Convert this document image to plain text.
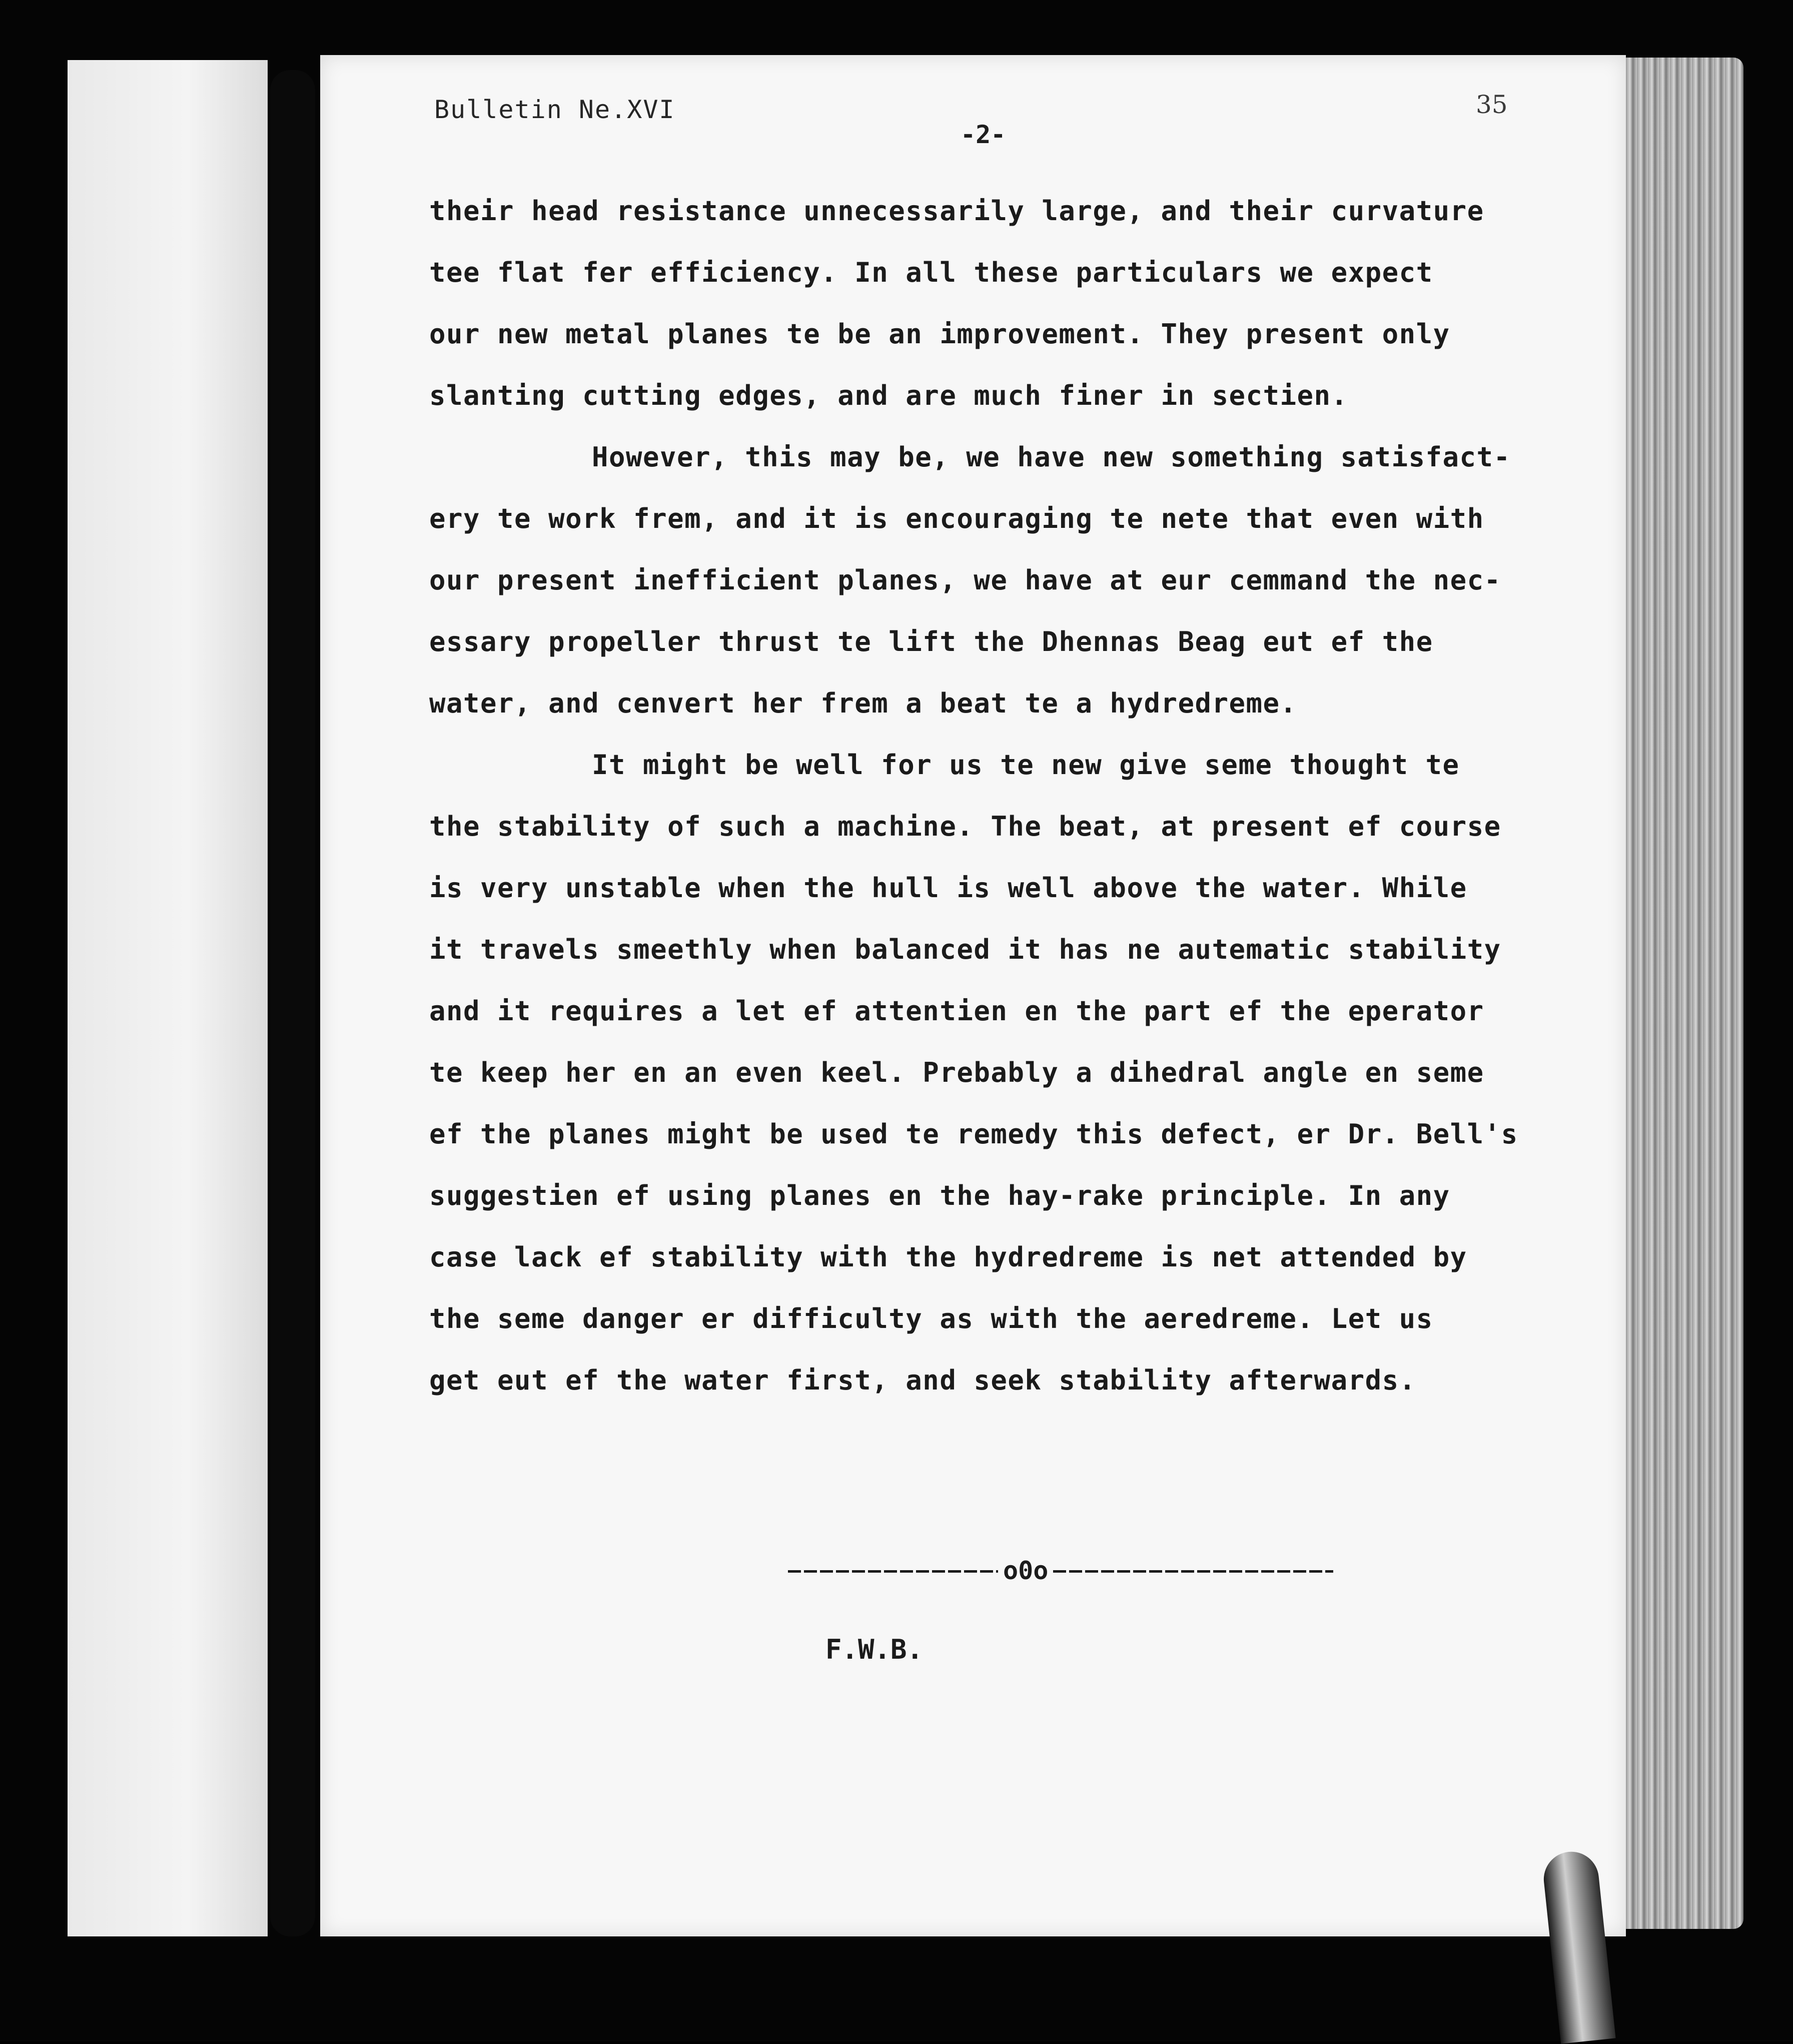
Bulletin Ne.XVI	35
-2-
their head resistance unnecessarily large, and their curvature
tee flat fer efficiency. In all these particulars we expect
our new metal planes te be an improvement. They present only
slanting cutting edges, and are much finer in sectien.
However, this may be, we have new something satisfact-
ery te work frem, and it is encouraging te nete that even with
our present inefficient planes, we have at eur cemmand the nec-
essary propeller thrust te lift the Dhennas Beag eut ef the
water, and cenvert her frem a beat te a hydredreme.
It might be well for us te new give seme thought te
the stability of such a machine. The beat, at present ef course
is very unstable when the hull is well above the water. While
it travels smeethly when balanced it has ne autematic stability
and it requires a let ef attentien en the part ef the eperator
te keep her en an even keel. Prebably a dihedral angle en seme
ef the planes might be used te remedy this defect, er Dr. Bell's
suggestien ef using planes en the hay-rake principle. In any
case lack ef stability with the hydredreme is net attended by
the seme danger er difficulty as with the aeredreme. Let us
get eut ef the water first, and seek stability afterwards.
F.W.B.
o0o
